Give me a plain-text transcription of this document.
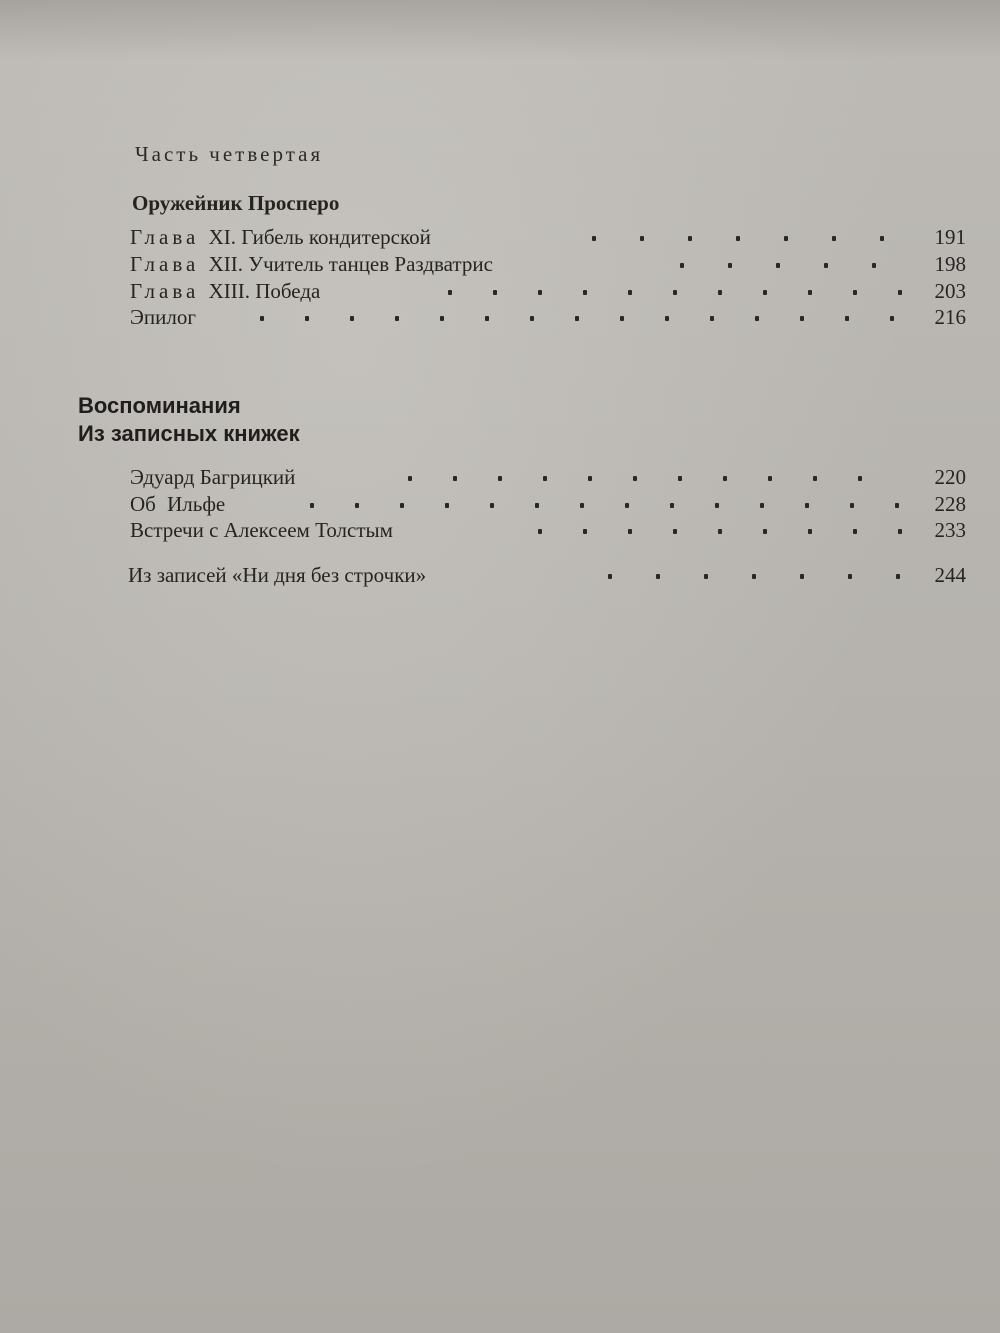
Часть четвертая
Оружейник Просперо
Глава XI. Гибель кондитерской	191
Глава XII. Учитель танцев Раздватрис	198
Глава XIII. Победа	203
Эпилог	216
Воспоминания
Из записных книжек
Эдуард Багрицкий	220
Об Ильфе	228
Встречи с Алексеем Толстым	233
Из записей «Ни дня без строчки»	244
